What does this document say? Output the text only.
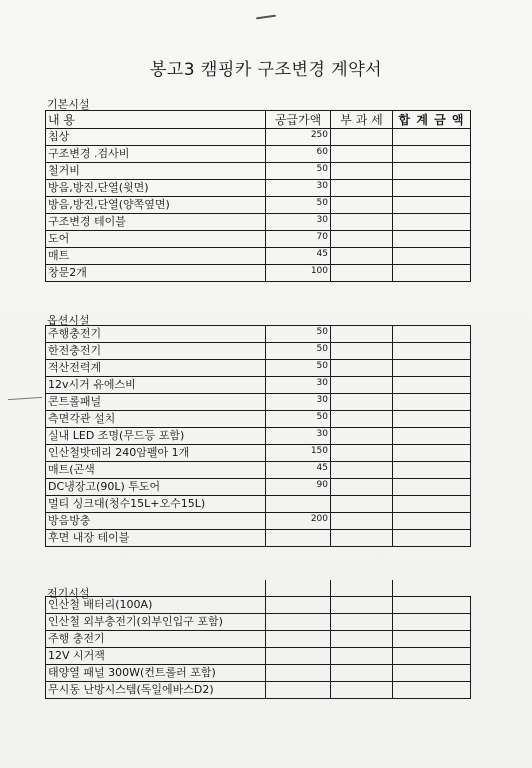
봉고3 캠핑카 구조변경 계약서
기본시설
내 용	공급가액	부 과 세	합 계 금 액
침상	250		
구조변경 .검사비	60		
철거비	50		
방음,방진,단열(윗면)	30		
방음,방진,단열(양쪽옆면)	50		
구조변경 테이블	30		
도어	70		
매트	45		
창문2개	100		
옵션시설
주행충전기	50		
한전충전기	50		
적산전력계	50		
12v시거 유에스비	30		
콘트롤패널	30		
측면각관 설치	50		
실내 LED 조명(무드등 포함)	30		
인산철밧데리 240암펠아 1개	150		
매트(곤색	45		
DC냉장고(90L) 투도어	90		
멀티 싱크대(청수15L+오수15L)			
방음방충	200		
후면 내장 테이블			
전기시설

인산철 배터리(100A)			
인산철 외부충전기(외부인입구 포함)			
주행 충전기			
12V 시거잭			
태양열 패널 300W(컨트롤러 포함)			
무시동 난방시스템(독일에바스D2)			
